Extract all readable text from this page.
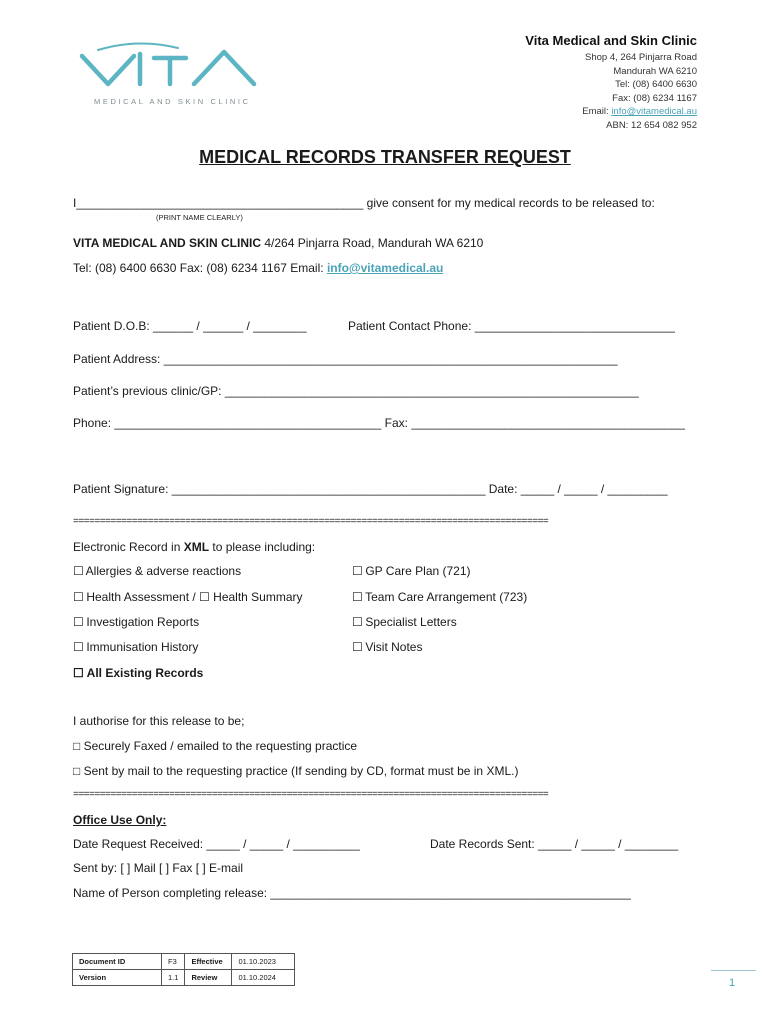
MEDICAL AND SKIN CLINIC
Vita Medical and Skin Clinic
Shop 4, 264 Pinjarra Road
Mandurah WA 6210
Tel: (08) 6400 6630
Fax: (08) 6234 1167
Email: info@vitamedical.au
ABN: 12 654 082 952
MEDICAL RECORDS TRANSFER REQUEST
I___________________________________________ give consent for my medical records to be released to:
(PRINT NAME CLEARLY)
VITA MEDICAL AND SKIN CLINIC 4/264 Pinjarra Road, Mandurah WA 6210
Tel: (08) 6400 6630 Fax: (08) 6234 1167 Email: info@vitamedical.au
Patient D.O.B: ______ / ______ / ________	Patient Contact Phone: ______________________________
Patient Address: ____________________________________________________________________
Patient’s previous clinic/GP: ______________________________________________________________
Phone: ________________________________________ Fax: _________________________________________
Patient Signature: _______________________________________________ Date: _____ / _____ / _________
=========================================================================================
Electronic Record in XML to please including:
☐ Allergies & adverse reactions
☐ Health Assessment / ☐ Health Summary
☐ Investigation Reports
☐ Immunisation History
☐ GP Care Plan (721)
☐ Team Care Arrangement (723)
☐ Specialist Letters
☐ Visit Notes
☐ All Existing Records
I authorise for this release to be;
□ Securely Faxed / emailed to the requesting practice
□ Sent by mail to the requesting practice (If sending by CD, format must be in XML.)
=========================================================================================
Office Use Only:
Date Request Received: _____ / _____ / __________	Date Records Sent: _____ / _____ / ________
Sent by: [ ] Mail [ ] Fax [ ] E-mail
Name of Person completing release: ______________________________________________________
Document ID	F3	Effective	01.10.2023
Version	1.1	Review	01.10.2024	1
